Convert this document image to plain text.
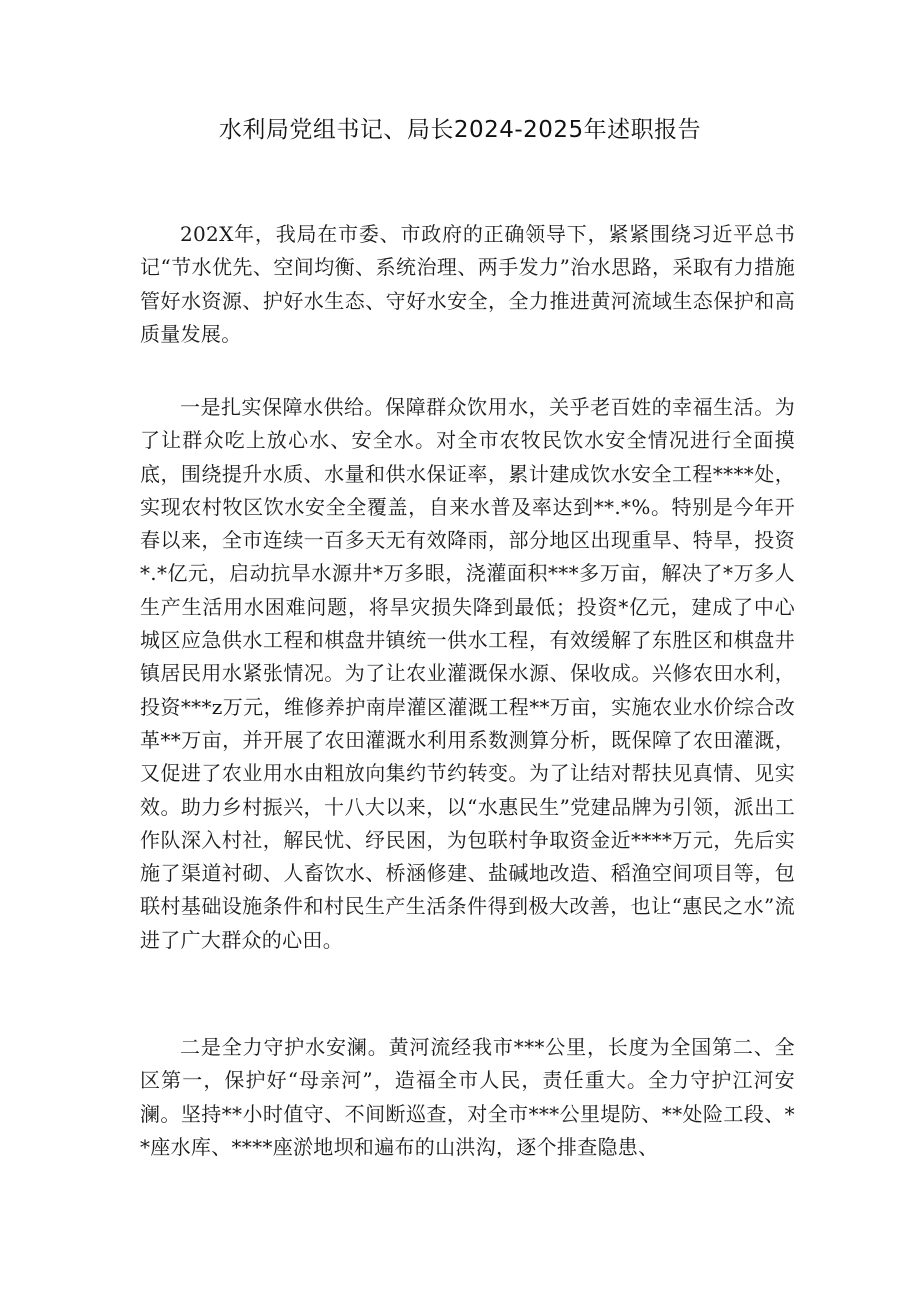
水利局党组书记、局长2024-2025年述职报告

202X年，我局在市委、市政府的正确领导下，紧紧围绕习近平总书记“节水优先、空间均衡、系统治理、两手发力”治水思路，采取有力措施管好水资源、护好水生态、守好水安全，全力推进黄河流域生态保护和高质量发展。

一是扎实保障水供给。保障群众饮用水，关乎老百姓的幸福生活。为了让群众吃上放心水、安全水。对全市农牧民饮水安全情况进行全面摸底，围绕提升水质、水量和供水保证率，累计建成饮水安全工程****处，实现农村牧区饮水安全全覆盖，自来水普及率达到**.*%。特别是今年开春以来，全市连续一百多天无有效降雨，部分地区出现重旱、特旱，投资*.*亿元，启动抗旱水源井*万多眼，浇灌面积***多万亩，解决了*万多人生产生活用水困难问题，将旱灾损失降到最低；投资*亿元，建成了中心城区应急供水工程和棋盘井镇统一供水工程，有效缓解了东胜区和棋盘井镇居民用水紧张情况。为了让农业灌溉保水源、保收成。兴修农田水利，投资***z万元，维修养护南岸灌区灌溉工程**万亩，实施农业水价综合改革**万亩，并开展了农田灌溉水利用系数测算分析，既保障了农田灌溉，又促进了农业用水由粗放向集约节约转变。为了让结对帮扶见真情、见实效。助力乡村振兴，十八大以来，以“水惠民生”党建品牌为引领，派出工作队深入村社，解民忧、纾民困，为包联村争取资金近****万元，先后实施了渠道衬砌、人畜饮水、桥涵修建、盐碱地改造、稻渔空间项目等，包联村基础设施条件和村民生产生活条件得到极大改善，也让“惠民之水”流进了广大群众的心田。

二是全力守护水安澜。黄河流经我市***公里，长度为全国第二、全区第一，保护好“母亲河”，造福全市人民，责任重大。全力守护江河安澜。坚持**小时值守、不间断巡查，对全市***公里堤防、**处险工段、**座水库、****座淤地坝和遍布的山洪沟，逐个排查隐患、
